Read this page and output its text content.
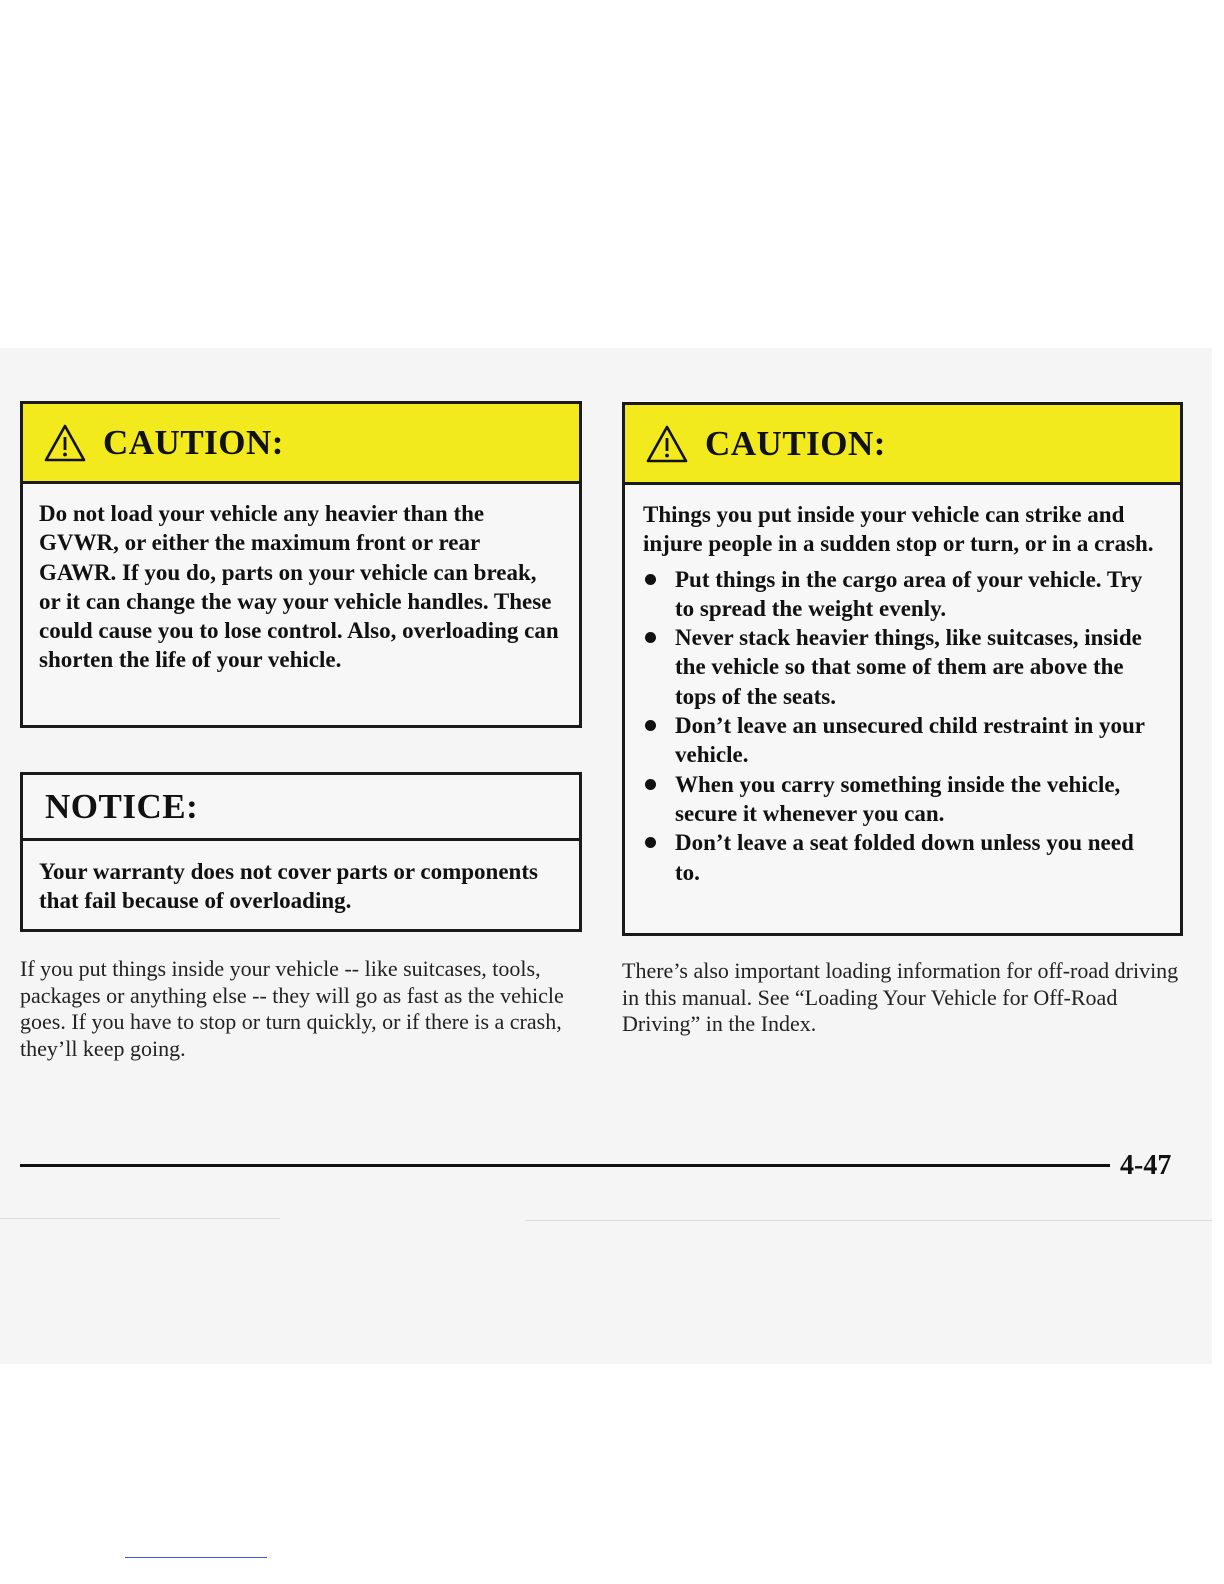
CAUTION:
Do not load your vehicle any heavier than the GVWR, or either the maximum front or rear GAWR. If you do, parts on your vehicle can break, or it can change the way your vehicle handles. These could cause you to lose control. Also, overloading can shorten the life of your vehicle.
NOTICE:
Your warranty does not cover parts or components that fail because of overloading.
CAUTION:
Things you put inside your vehicle can strike and injure people in a sudden stop or turn, or in a crash.
Put things in the cargo area of your vehicle. Try to spread the weight evenly.
Never stack heavier things, like suitcases, inside the vehicle so that some of them are above the tops of the seats.
Don’t leave an unsecured child restraint in your vehicle.
When you carry something inside the vehicle, secure it whenever you can.
Don’t leave a seat folded down unless you need to.
If you put things inside your vehicle -- like suitcases, tools, packages or anything else -- they will go as fast as the vehicle goes. If you have to stop or turn quickly, or if there is a crash, they’ll keep going.
There’s also important loading information for off-road driving in this manual. See “Loading Your Vehicle for Off-Road Driving” in the Index.
4-47
